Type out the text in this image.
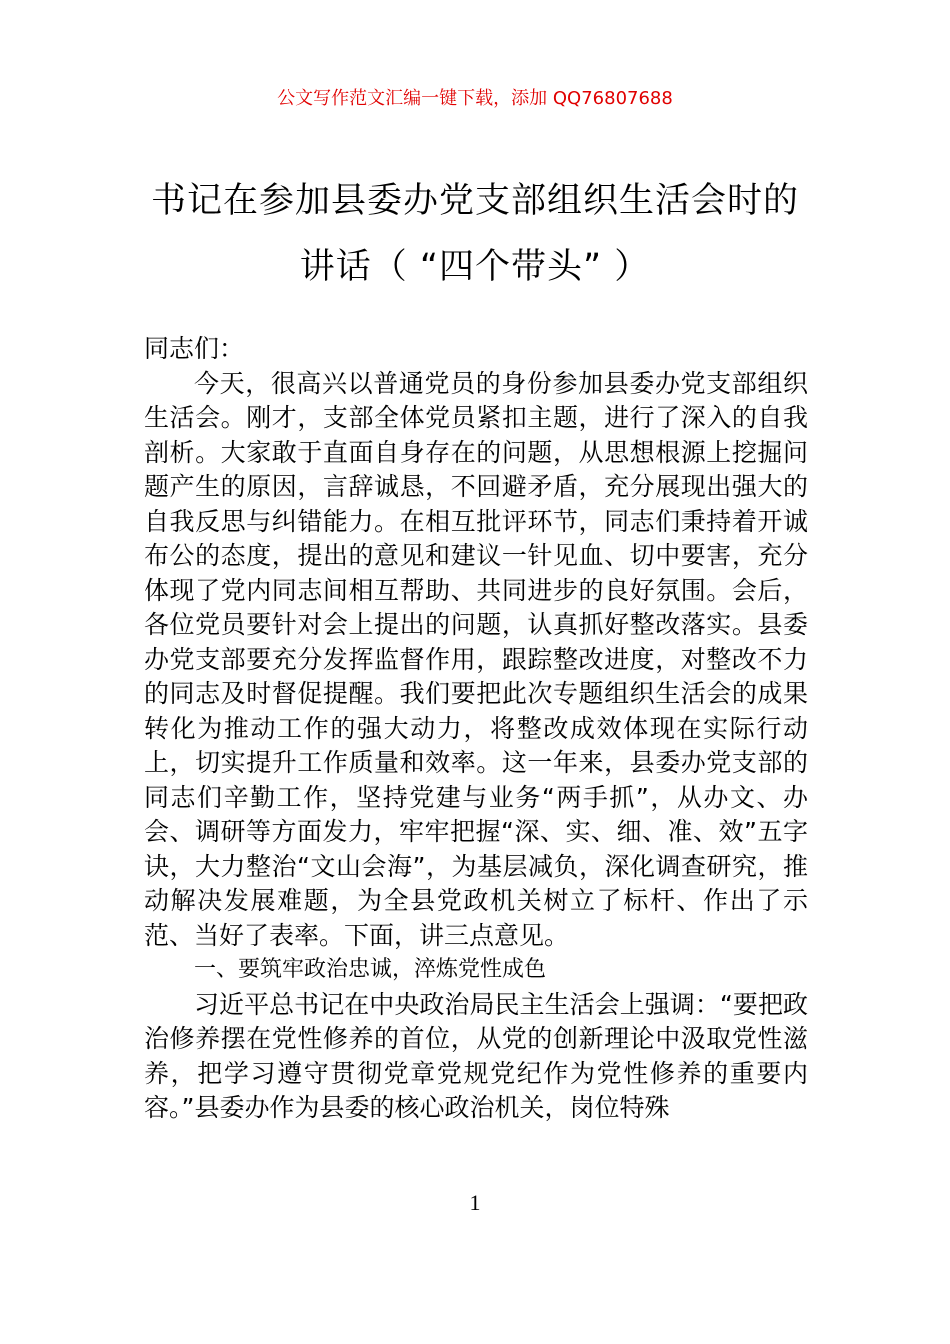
公文写作范文汇编一键下载，添加 QQ76807688
书记在参加县委办党支部组织生活会时的
讲话（ “四个带头” ）

同志们：

今天，很高兴以普通党员的身份参加县委办党支部组织生活会。刚才，支部全体党员紧扣主题，进行了深入的自我剖析。大家敢于直面自身存在的问题，从思想根源上挖掘问题产生的原因，言辞诚恳，不回避矛盾，充分展现出强大的自我反思与纠错能力。在相互批评环节，同志们秉持着开诚布公的态度，提出的意见和建议一针见血、切中要害，充分体现了党内同志间相互帮助、共同进步的良好氛围。会后，各位党员要针对会上提出的问题，认真抓好整改落实。县委办党支部要充分发挥监督作用，跟踪整改进度，对整改不力的同志及时督促提醒。我们要把此次专题组织生活会的成果转化为推动工作的强大动力，将整改成效体现在实际行动上，切实提升工作质量和效率。这一年来，县委办党支部的同志们辛勤工作，坚持党建与业务“两手抓”，从办文、办会、调研等方面发力，牢牢把握“深、实、细、准、效”五字诀，大力整治“文山会海”，为基层减负，深化调查研究，推动解决发展难题，为全县党政机关树立了标杆、作出了示范、当好了表率。下面，讲三点意见。

一、要筑牢政治忠诚，淬炼党性成色

习近平总书记在中央政治局民主生活会上强调：“要把政治修养摆在党性修养的首位，从党的创新理论中汲取党性滋养，把学习遵守贯彻党章党规党纪作为党性修养的重要内容。”县委办作为县委的核心政治机关，岗位特殊

1
